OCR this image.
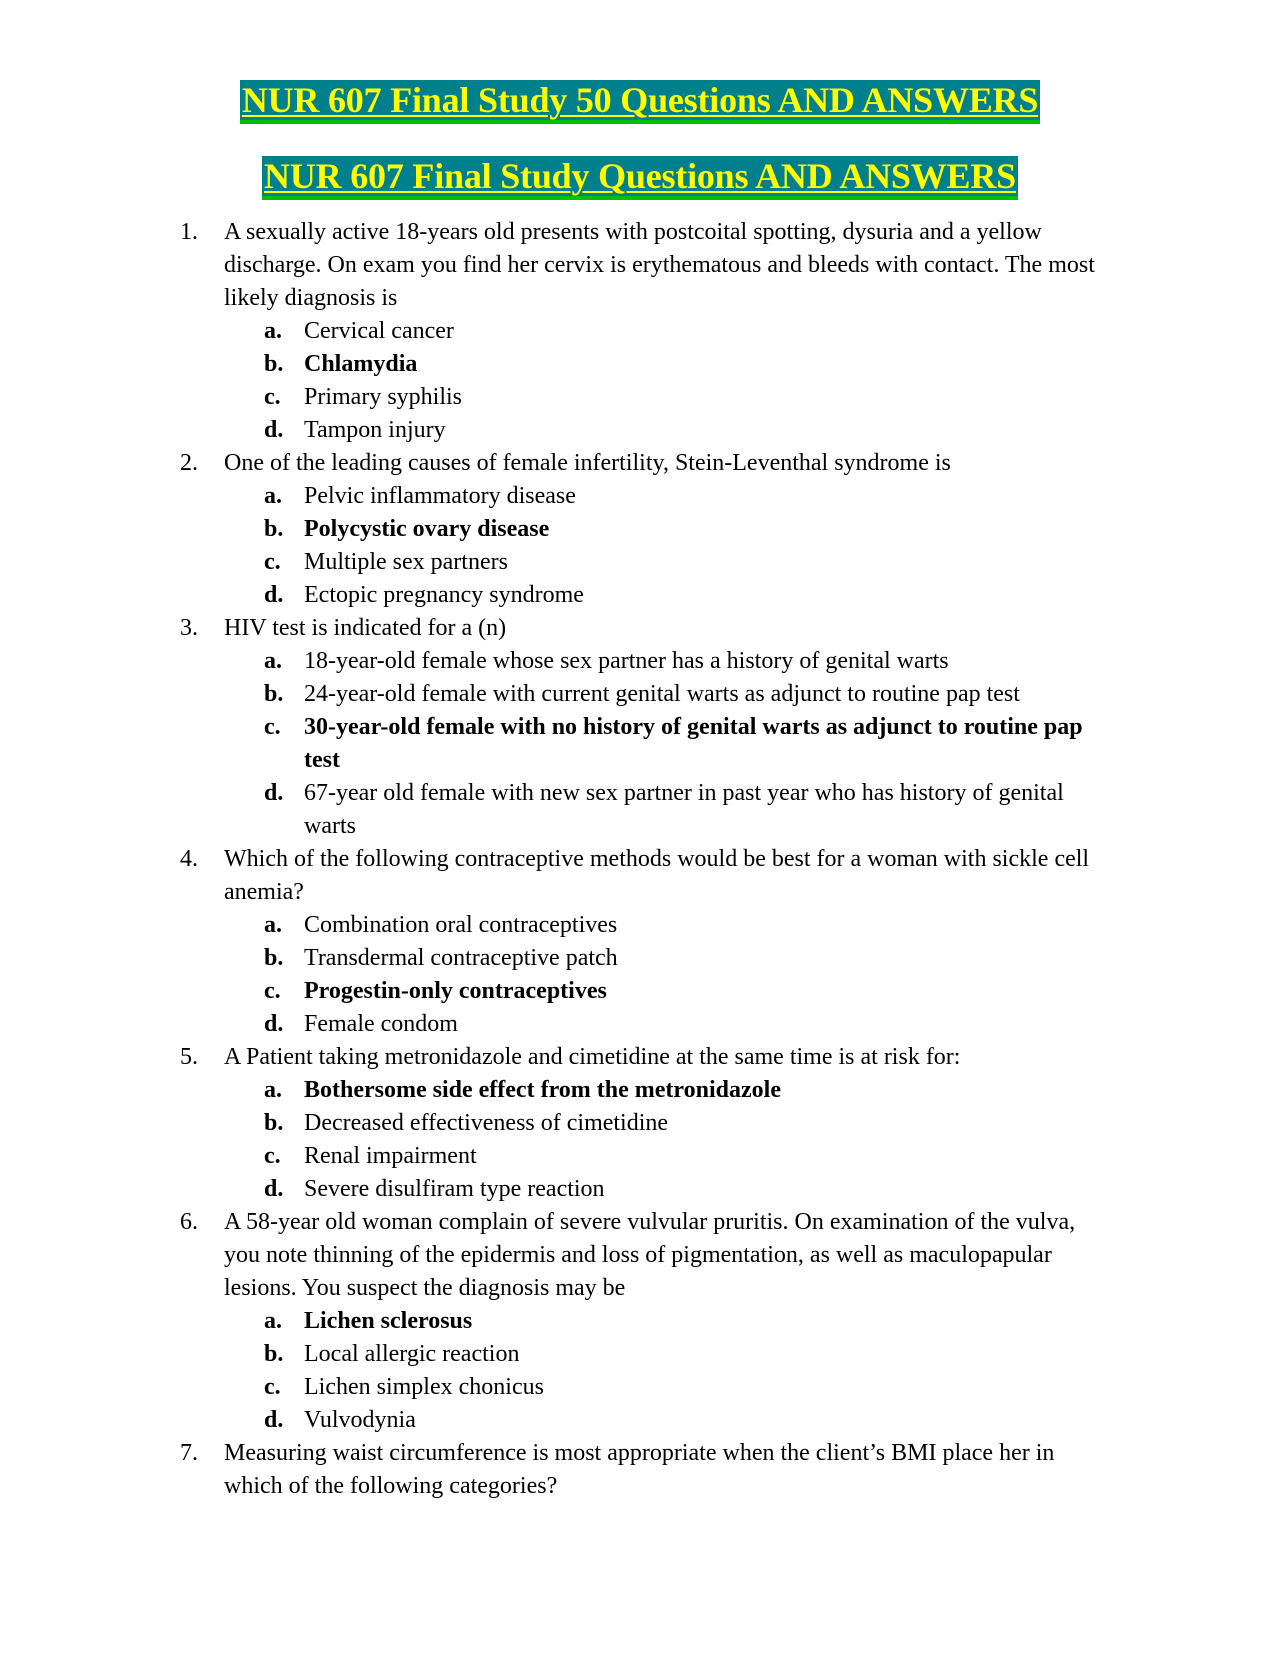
NUR 607 Final Study 50 Questions AND ANSWERS
NUR 607 Final Study Questions AND ANSWERS
1.	A sexually active 18-years old presents with postcoital spotting, dysuria and a yellow discharge. On exam you find her cervix is erythematous and bleeds with contact. The most likely diagnosis is
a. Cervical cancer
b. Chlamydia
c. Primary syphilis
d. Tampon injury
2.	One of the leading causes of female infertility, Stein-Leventhal syndrome is
a. Pelvic inflammatory disease
b. Polycystic ovary disease
c. Multiple sex partners
d. Ectopic pregnancy syndrome
3.	HIV test is indicated for a (n)
a. 18-year-old female whose sex partner has a history of genital warts
b. 24-year-old female with current genital warts as adjunct to routine pap test
c. 30-year-old female with no history of genital warts as adjunct to routine pap test
d. 67-year old female with new sex partner in past year who has history of genital warts
4.	Which of the following contraceptive methods would be best for a woman with sickle cell anemia?
a. Combination oral contraceptives
b. Transdermal contraceptive patch
c. Progestin-only contraceptives
d. Female condom
5.	A Patient taking metronidazole and cimetidine at the same time is at risk for:
a. Bothersome side effect from the metronidazole
b. Decreased effectiveness of cimetidine
c. Renal impairment
d. Severe disulfiram type reaction
6.	A 58-year old woman complain of severe vulvular pruritis. On examination of the vulva, you note thinning of the epidermis and loss of pigmentation, as well as maculopapular lesions. You suspect the diagnosis may be
a. Lichen sclerosus
b. Local allergic reaction
c. Lichen simplex chonicus
d. Vulvodynia
7.	Measuring waist circumference is most appropriate when the client’s BMI place her in which of the following categories?
